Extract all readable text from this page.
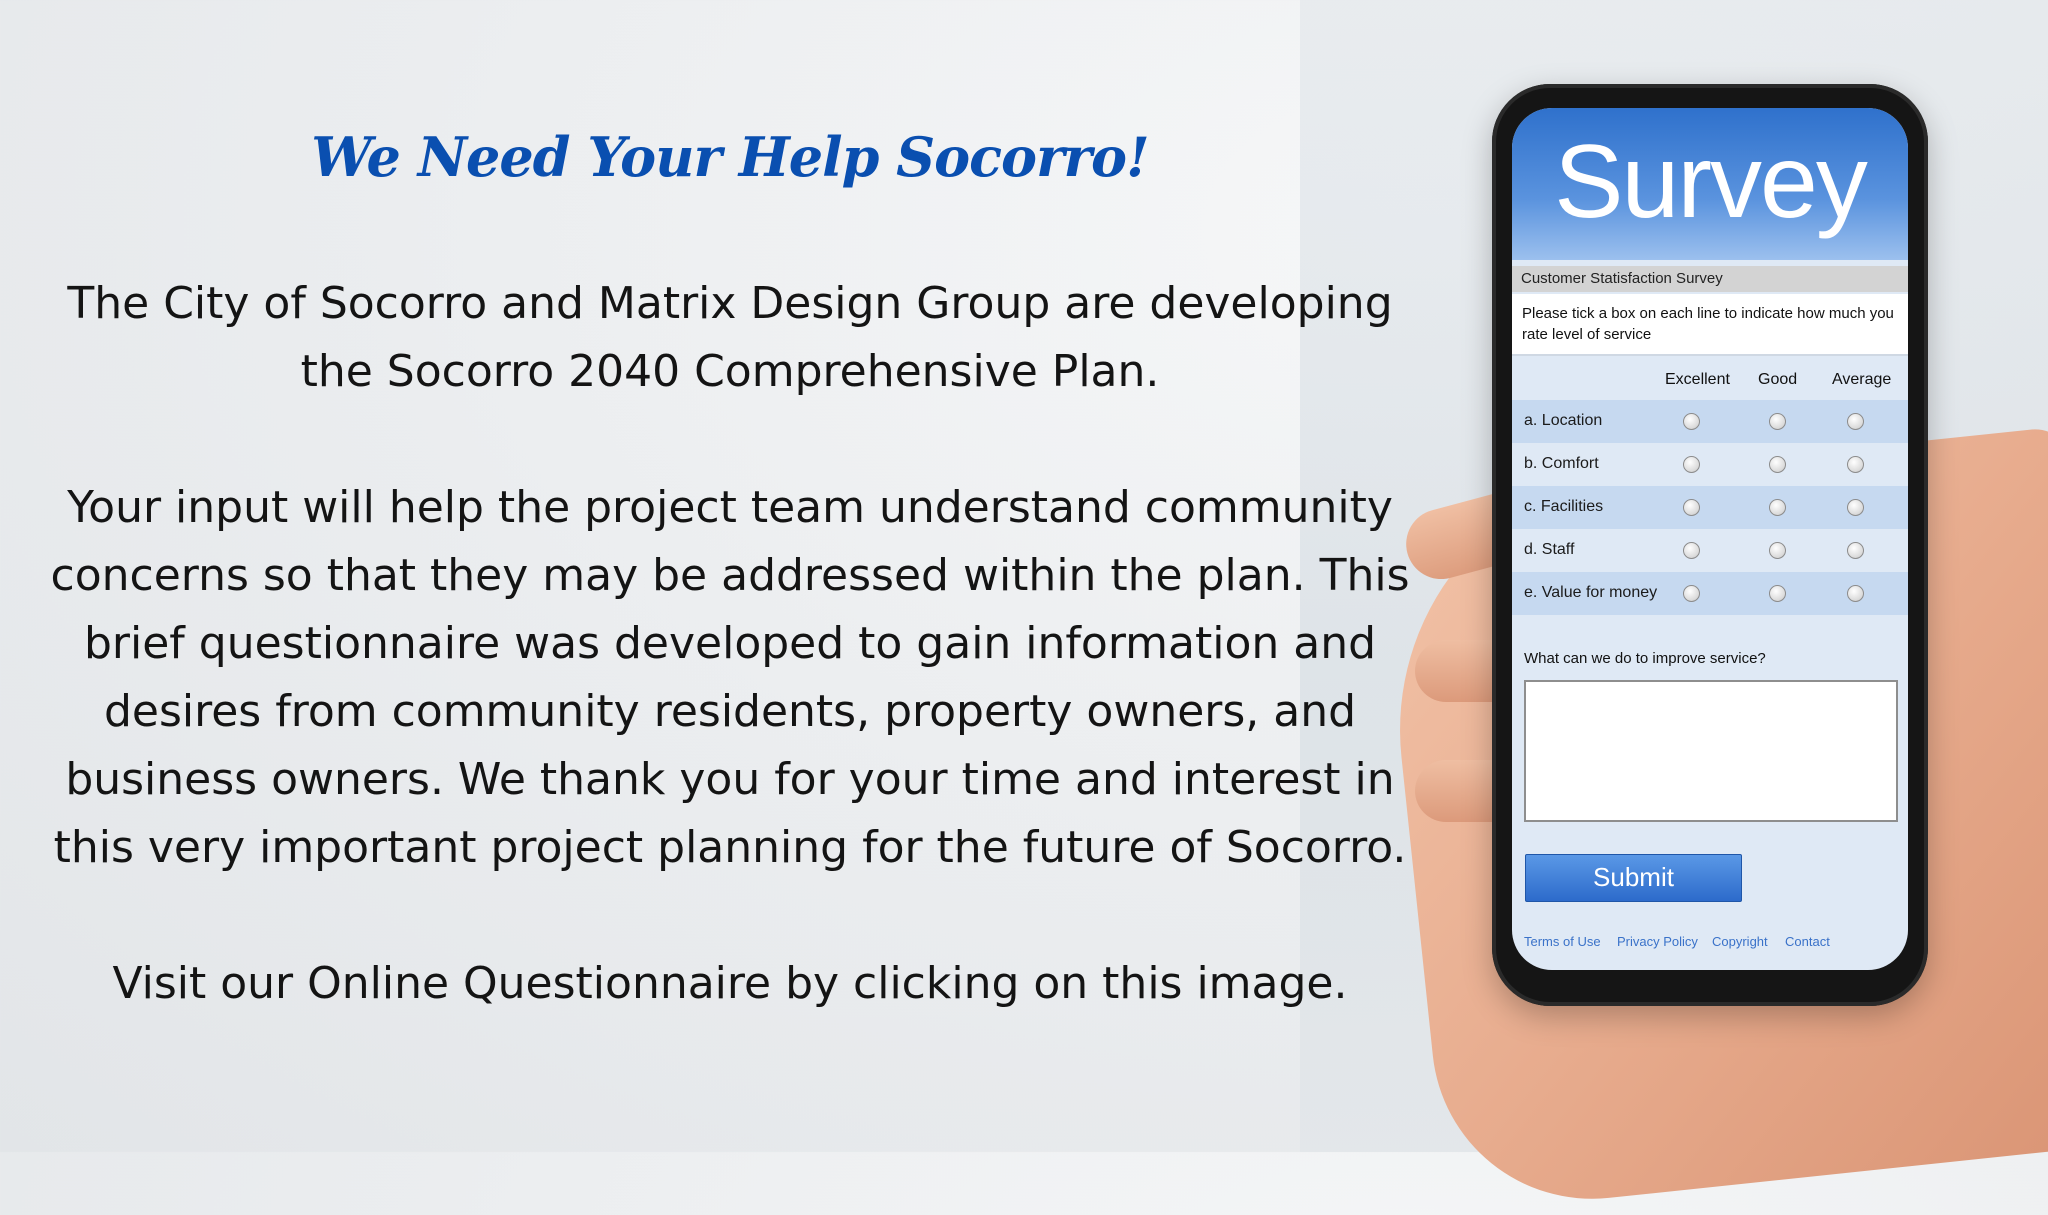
We Need Your Help Socorro!

The City of Socorro and Matrix Design Group are developing
the Socorro 2040 Comprehensive Plan.

Your input will help the project team understand community
concerns so that they may be addressed within the plan. This
brief questionnaire was developed to gain information and
desires from community residents, property owners, and
business owners. We thank you for your time and interest in
this very important project planning for the future of Socorro.

Visit our Online Questionnaire by clicking on this image.

Survey
Customer Statisfaction Survey
Please tick a box on each line to indicate how much you rate level of service
Excellent Good Average
a. Location
b. Comfort
c. Facilities
d. Staff
e. Value for money
What can we do to improve service?
Submit
Terms of Use Privacy Policy Copyright Contact
